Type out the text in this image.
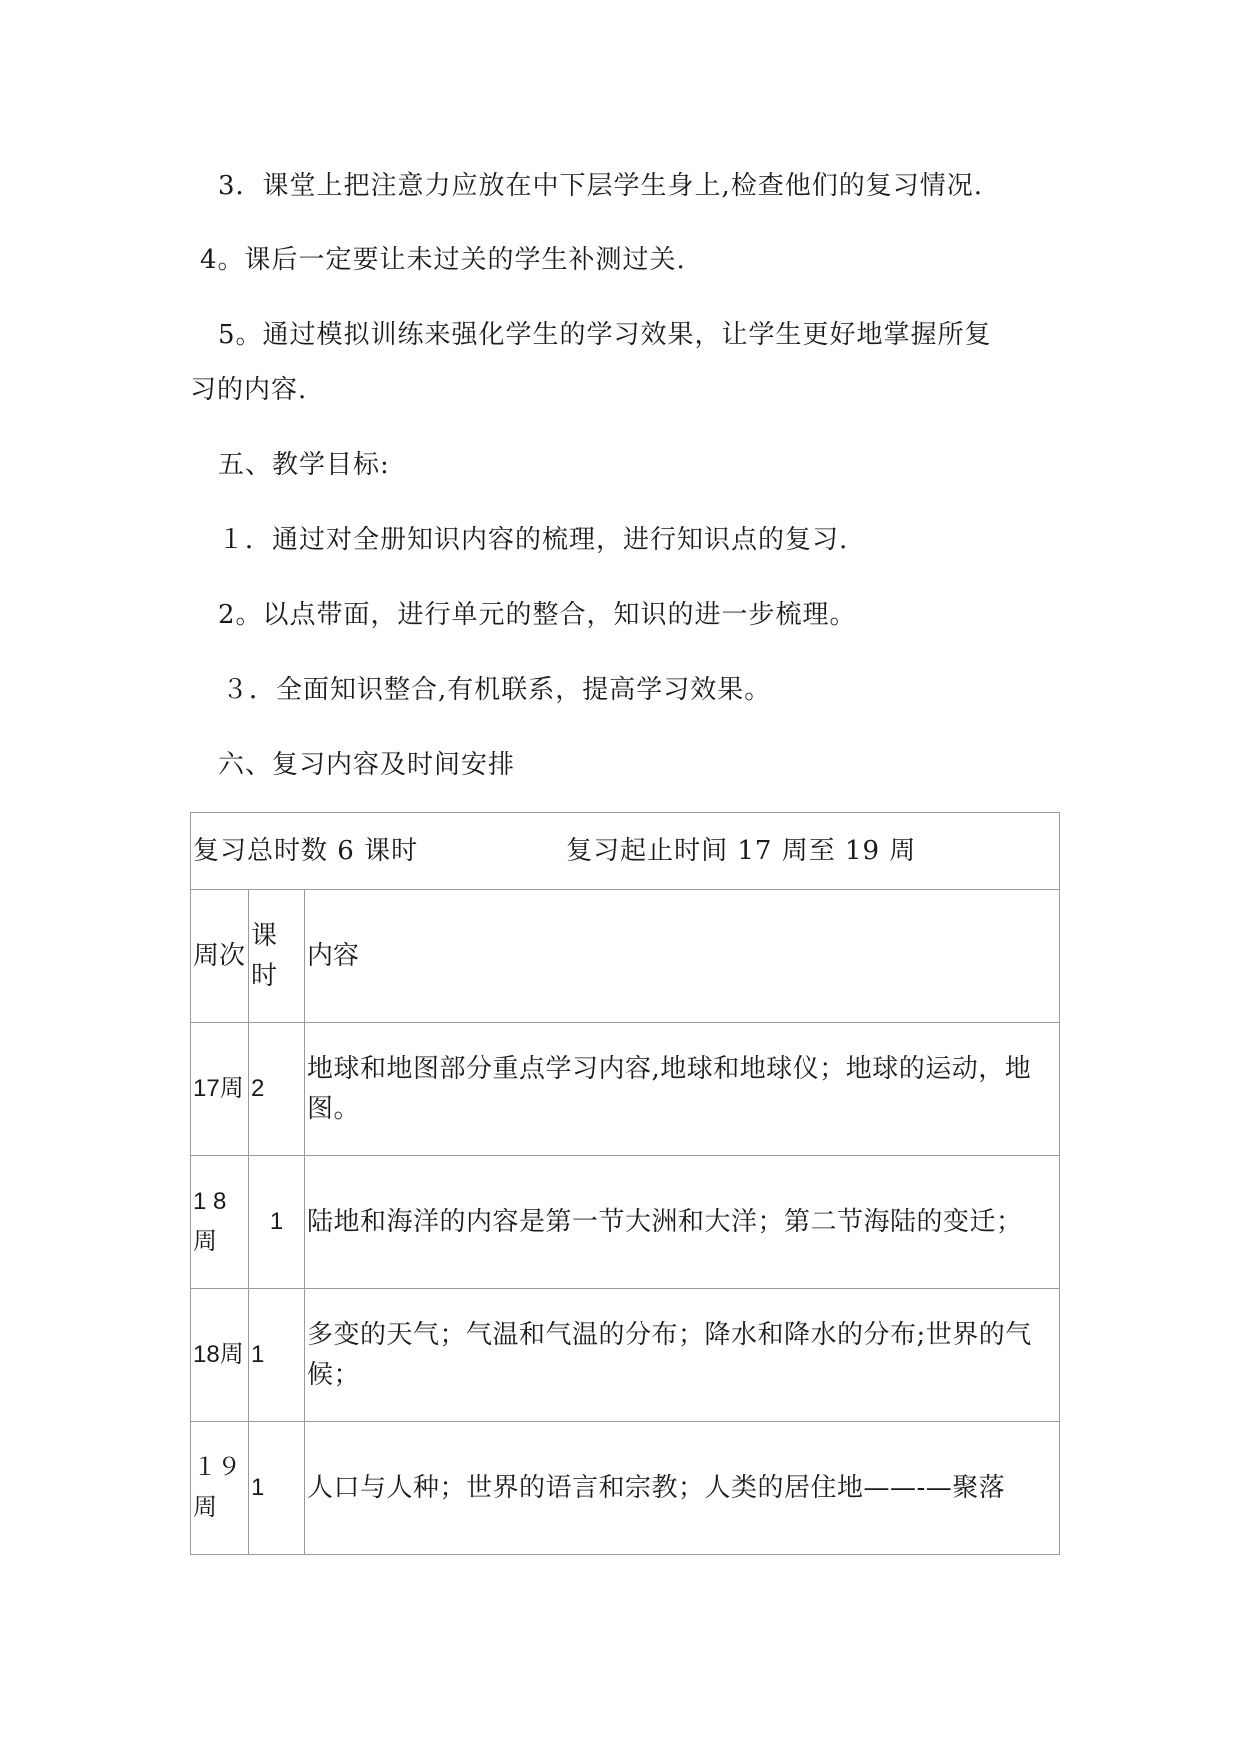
3．课堂上把注意力应放在中下层学生身上,检查他们的复习情况.
4。课后一定要让未过关的学生补测过关.
5。通过模拟训练来强化学生的学习效果，让学生更好地掌握所复
习的内容.
五、教学目标:
１．通过对全册知识内容的梳理，进行知识点的复习.
2。以点带面，进行单元的整合，知识的进一步梳理。
３．全面知识整合,有机联系，提高学习效果。
六、复习内容及时间安排
复习总时数 6 课时 复习起止时间 17 周至 19 周		
周次	课时	内容
17周	2	地球和地图部分重点学习内容,地球和地球仪；地球的运动，地图。
1 8周	1	陆地和海洋的内容是第一节大洲和大洋；第二节海陆的变迁；
18周	1	多变的天气；气温和气温的分布；降水和降水的分布;世界的气候；
１９周	1	人口与人种；世界的语言和宗教；人类的居住地——-—聚落
